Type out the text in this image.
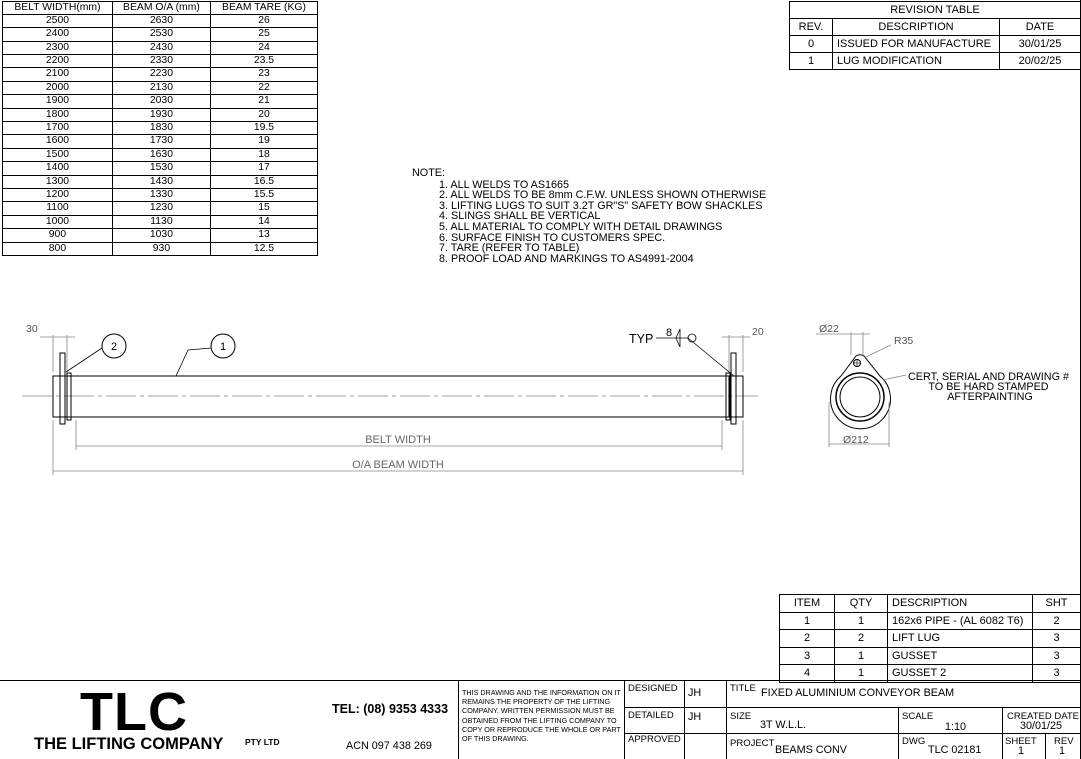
BELT WIDTH(mm)	BEAM O/A (mm)	BEAM TARE (KG)
2500	2630	26
2400	2530	25
2300	2430	24
2200	2330	23.5
2100	2230	23
2000	2130	22
1900	2030	21
1800	1930	20
1700	1830	19.5
1600	1730	19
1500	1630	18
1400	1530	17
1300	1430	16.5
1200	1330	15.5
1100	1230	15
1000	1130	14
900	1030	13
800	930	12.5
REVISION TABLE		
REV.	DESCRIPTION	DATE
0	ISSUED FOR MANUFACTURE	30/01/25
1	LUG MODIFICATION	20/02/25
NOTE:
1. ALL WELDS TO AS1665
2. ALL WELDS TO BE 8mm C.F.W. UNLESS SHOWN OTHERWISE
3. LIFTING LUGS TO SUIT 3.2T GR"S" SAFETY BOW SHACKLES
4. SLINGS SHALL BE VERTICAL
5. ALL MATERIAL TO COMPLY WITH DETAIL DRAWINGS
6. SURFACE FINISH TO CUSTOMERS SPEC.
7. TARE (REFER TO TABLE)
8. PROOF LOAD AND MARKINGS TO AS4991-2004
30	20
2	1
TYP 8
BELT WIDTH
O/A BEAM WIDTH
Ø22
R35
Ø212
CERT, SERIAL AND DRAWING # TO BE HARD STAMPED AFTERPAINTING
ITEM	QTY	DESCRIPTION	SHT
1	1	162x6 PIPE - (AL 6082 T6)	2
2	2	LIFT LUG	3
3	1	GUSSET	3
4	1	GUSSET 2	3
TLC
THE LIFTING COMPANY	PTY LTD
TEL: (08) 9353 4333
ACN 097 438 269
THIS DRAWING AND THE INFORMATION ON IT REMAINS THE PROPERTY OF THE LIFTING COMPANY. WRITTEN PERMISSION MUST BE OBTAINED FROM THE LIFTING COMPANY TO COPY OR REPRODUCE THE WHOLE OR PART OF THIS DRAWING.
DESIGNED JH
DETAILED JH
APPROVED
TITLE FIXED ALUMINIUM CONVEYOR BEAM
SIZE
3T W.L.L.
SCALE
1:10
CREATED DATE
30/01/25
PROJECT
BEAMS CONV
DWG
TLC 02181
SHEET
1
REV
1
